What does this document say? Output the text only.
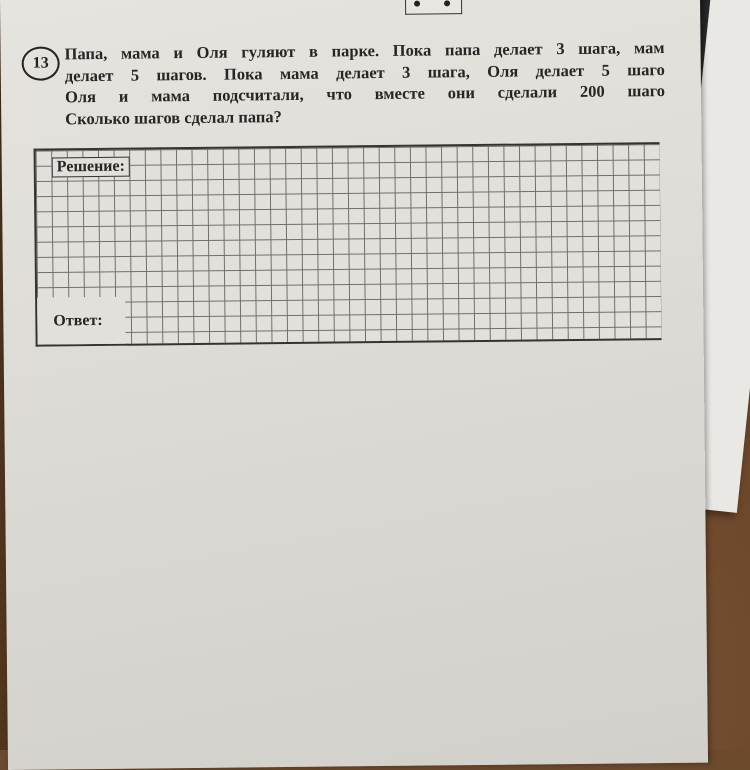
13 Папа, мама и Оля гуляют в парке. Пока папа делает 3 шага, мам
делает 5 шагов. Пока мама делает 3 шага, Оля делает 5 шаго
Оля и мама подсчитали, что вместе они сделали 200 шаго
Сколько шагов сделал папа?
Решение:
Ответ:
